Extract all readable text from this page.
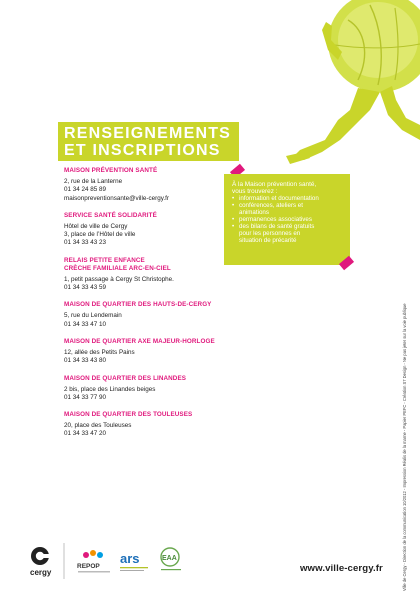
RENSEIGNEMENTS
ET INSCRIPTIONS
MAISON PRÉVENTION SANTÉ
2, rue de la Lanterne
01 34 24 85 89
maisonpreventionsante@ville-cergy.fr
SERVICE SANTÉ SOLIDARITÉ
Hôtel de ville de Cergy
3, place de l’Hôtel de ville
01 34 33 43 23
RELAIS PETITE ENFANCE
CRÈCHE FAMILIALE ARC-EN-CIEL
1, petit passage à Cergy St Christophe.
01 34 33 43 59
MAISON DE QUARTIER DES HAUTS-DE-CERGY
5, rue du Lendemain
01 34 33 47 10
MAISON DE QUARTIER AXE MAJEUR-HORLOGE
12, allée des Petits Pains
01 34 33 43 80
MAISON DE QUARTIER DES LINANDES
2 bis, place des Linandes beiges
01 34 33 77 90
MAISON DE QUARTIER DES TOULEUSES
20, place des Touleuses
01 34 33 47 20
À la Maison prévention santé,
vous trouverez :
• information et documentation
• conférences, ateliers et
animations
• permanences associatives
• des bilans de santé gratuits
pour les personnes en
situation de précarité
Ville de Cergy - Direction de la communication 10/2012 - Impression Réalis de la marne - Papier PEFC - Création S7 Design - Ne pas jeter sur la voie publique
cergy
REPOP
ars	EAA
www.ville-cergy.fr
